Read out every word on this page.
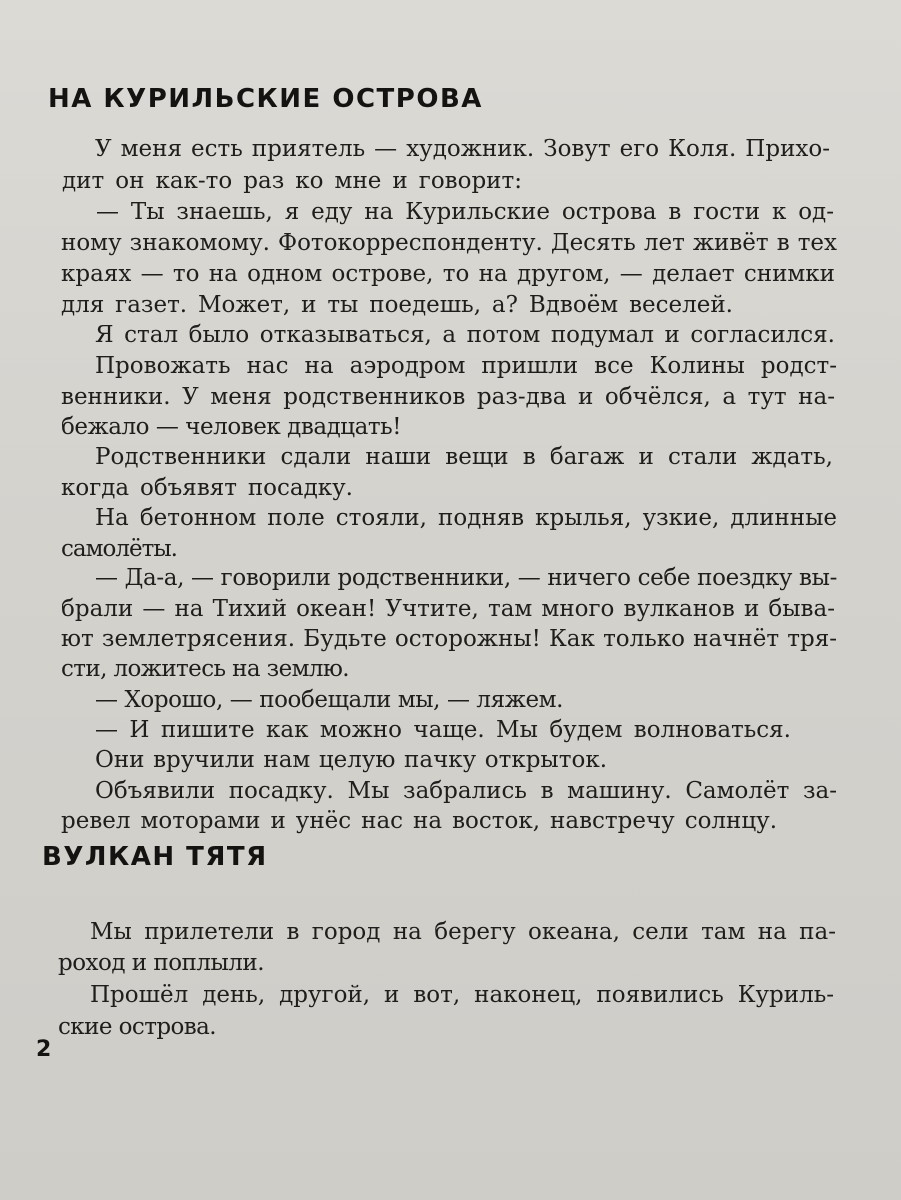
НА КУРИЛЬСКИЕ ОСТРОВА
У меня есть приятель — художник. Зовут его Коля. Прихо-
дит он как-то раз ко мне и говорит:
— Ты знаешь, я еду на Курильские острова в гости к од-
ному знакомому. Фотокорреспонденту. Десять лет живёт в тех
краях — то на одном острове, то на другом, — делает снимки
для газет. Может, и ты поедешь, а? Вдвоём веселей.
Я стал было отказываться, а потом подумал и согласился.
Провожать нас на аэродром пришли все Колины родст-
венники. У меня родственников раз-два и обчёлся, а тут на-
бежало — человек двадцать!
Родственники сдали наши вещи в багаж и стали ждать,
когда объявят посадку.
На бетонном поле стояли, подняв крылья, узкие, длинные
самолёты.
— Да-а, — говорили родственники, — ничего себе поездку вы-
брали — на Тихий океан! Учтите, там много вулканов и быва-
ют землетрясения. Будьте осторожны! Как только начнёт тря-
сти, ложитесь на землю.
— Хорошо, — пообещали мы, — ляжем.
— И пишите как можно чаще. Мы будем волноваться.
Они вручили нам целую пачку открыток.
Объявили посадку. Мы забрались в машину. Самолёт за-
ревел моторами и унёс нас на восток, навстречу солнцу.
ВУЛКАН ТЯТЯ
Мы прилетели в город на берегу океана, сели там на па-
роход и поплыли.
Прошёл день, другой, и вот, наконец, появились Куриль-
ские острова.
2
